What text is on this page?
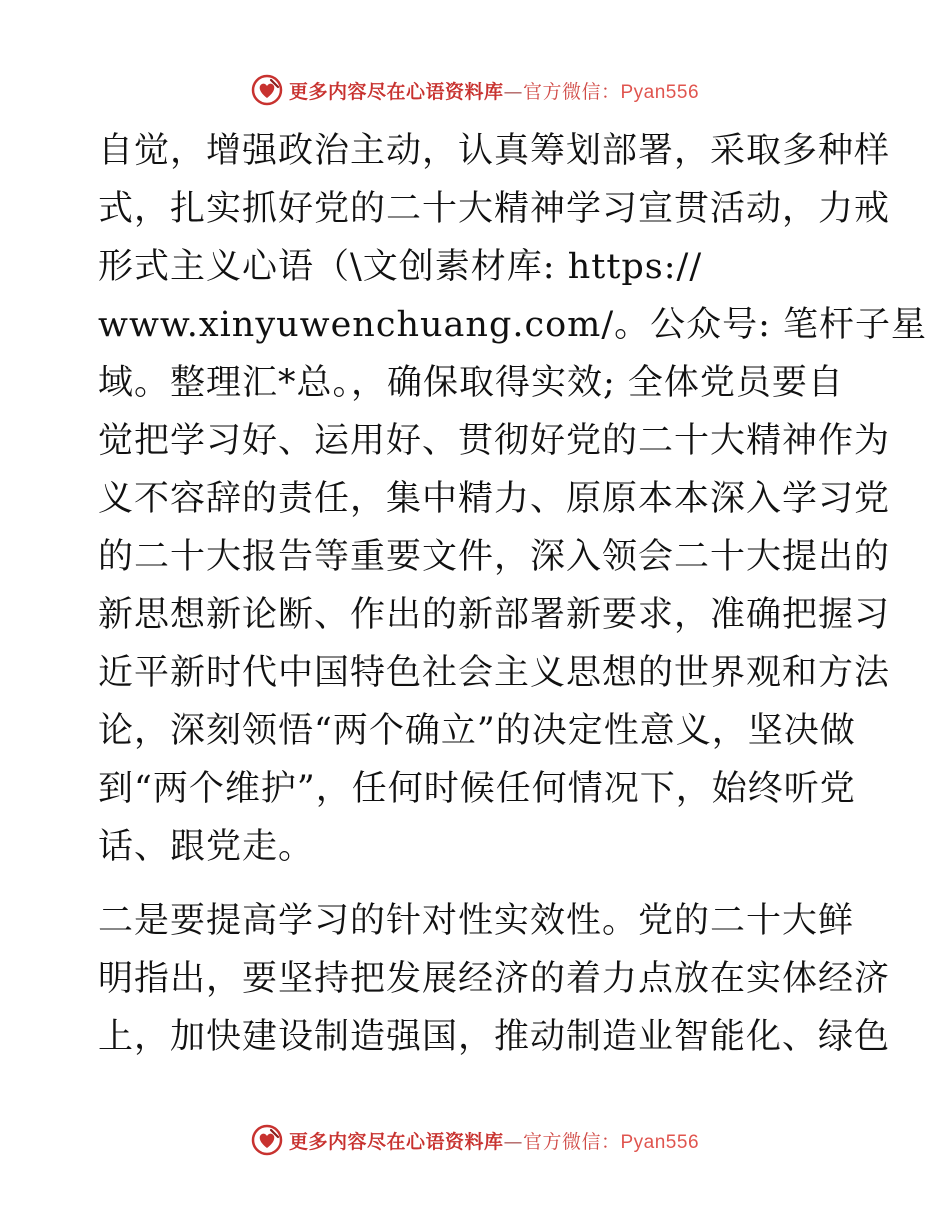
更多内容尽在心语资料库—官方微信：Pyan556
自觉，增强政治主动，认真筹划部署，采取多种样
式，扎实抓好党的二十大精神学习宣贯活动，力戒
形式主义心语（\文创素材库: https://
www.xinyuwenchuang.com/。公众号: 笔杆子星
域。整理汇*总。，确保取得实效; 全体党员要自
觉把学习好、运用好、贯彻好党的二十大精神作为
义不容辞的责任，集中精力、原原本本深入学习党
的二十大报告等重要文件，深入领会二十大提出的
新思想新论断、作出的新部署新要求，准确把握习
近平新时代中国特色社会主义思想的世界观和方法
论，深刻领悟“两个确立”的决定性意义，坚决做
到“两个维护”，任何时候任何情况下，始终听党
话、跟党走。
二是要提高学习的针对性实效性。党的二十大鲜
明指出，要坚持把发展经济的着力点放在实体经济
上，加快建设制造强国，推动制造业智能化、绿色
更多内容尽在心语资料库—官方微信：Pyan556
